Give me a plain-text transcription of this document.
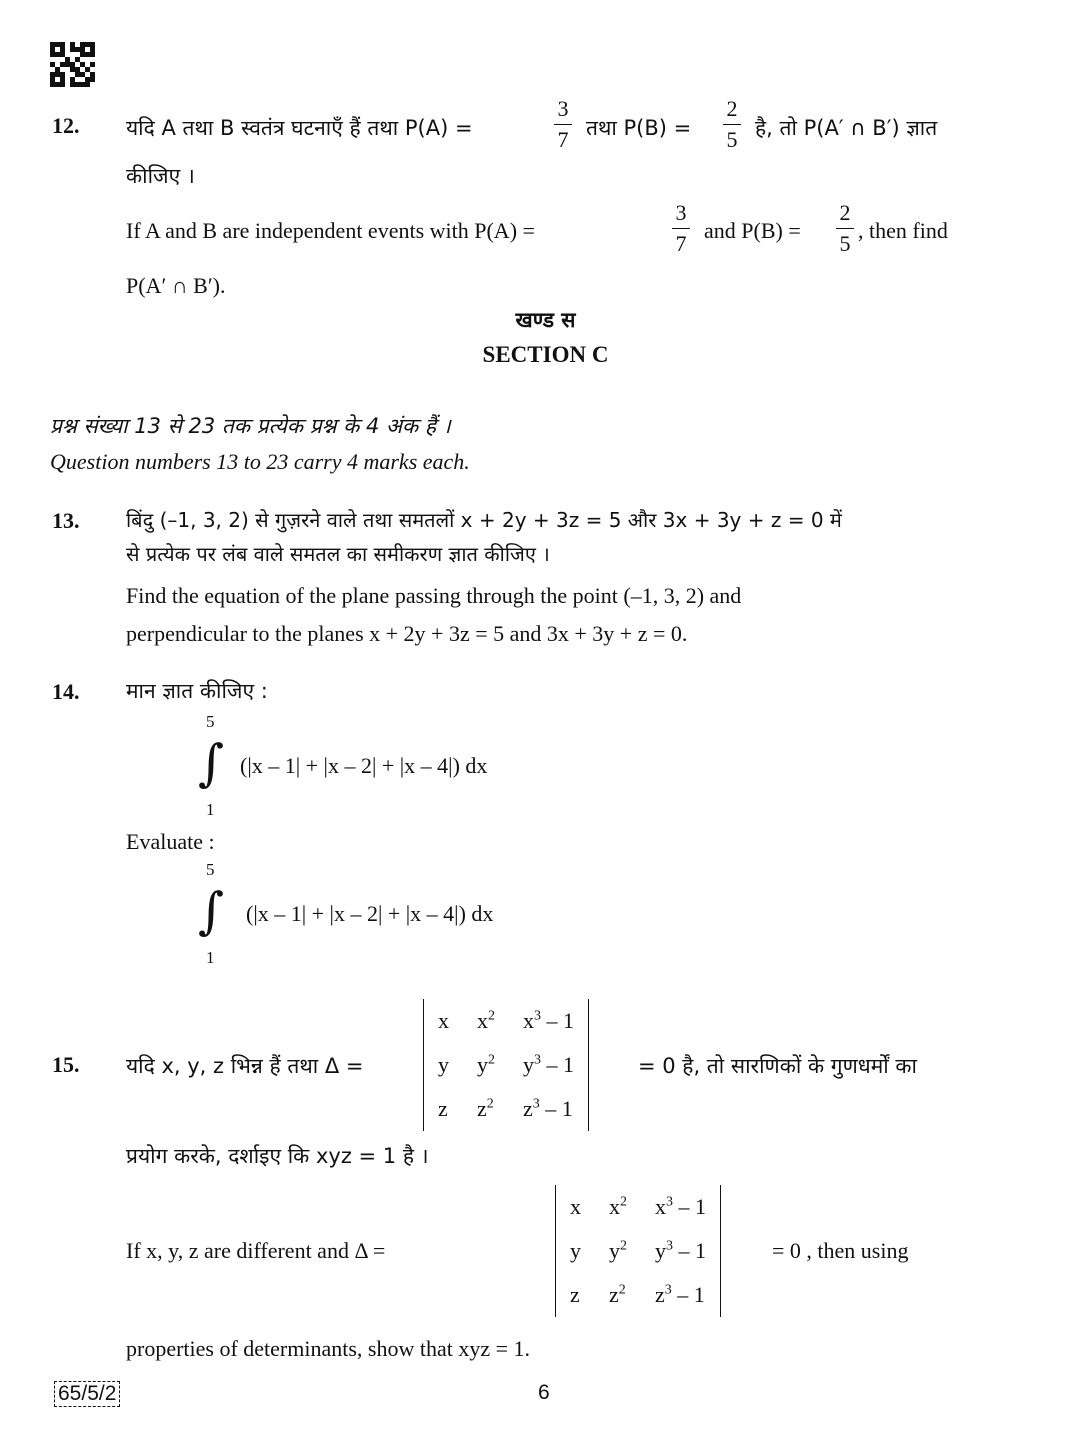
12. यदि A तथा B स्वतंत्र घटनाएँ हैं तथा P(A) =
3
7 तथा P(B) =
2
5 है, तो P(A′ ∩ B′) ज्ञात
कीजिए ।
If A and B are independent events with P(A) =
3
7
and P(B) =
2
5
, then find
P(A′ ∩ B′).
खण्ड स
SECTION C
प्रश्न संख्या 13 से 23 तक प्रत्येक प्रश्न के 4 अंक हैं ।
Question numbers 13 to 23 carry 4 marks each.
13. बिंदु (–1, 3, 2) से गुज़रने वाले तथा समतलों x + 2y + 3z = 5 और 3x + 3y + z = 0 में
से प्रत्येक पर लंब वाले समतल का समीकरण ज्ञात कीजिए ।
Find the equation of the plane passing through the point (–1, 3, 2) and
perpendicular to the planes x + 2y + 3z = 5 and 3x + 3y + z = 0.
14. मान ज्ञात कीजिए :
5
∫
1
(|x – 1| + |x – 2| + |x – 4|) dx
Evaluate :
5
∫
1
(|x – 1| + |x – 2| + |x – 4|) dx
15. यदि x, y, z भिन्न हैं तथा Δ =
x	$x^2$	$x^3 - 1$
y	$y^2$	$y^3 - 1$
z	$z^2$	$z^3 - 1$
= 0 है, तो सारणिकों के गुणधर्मों का
प्रयोग करके, दर्शाइए कि xyz = 1 है ।
If x, y, z are different and Δ =
x	$x^2$	$x^3 - 1$
y	$y^2$	$y^3 - 1$
z	$z^2$	$z^3 - 1$
= 0 , then using
properties of determinants, show that xyz = 1.
65/5/2	6
